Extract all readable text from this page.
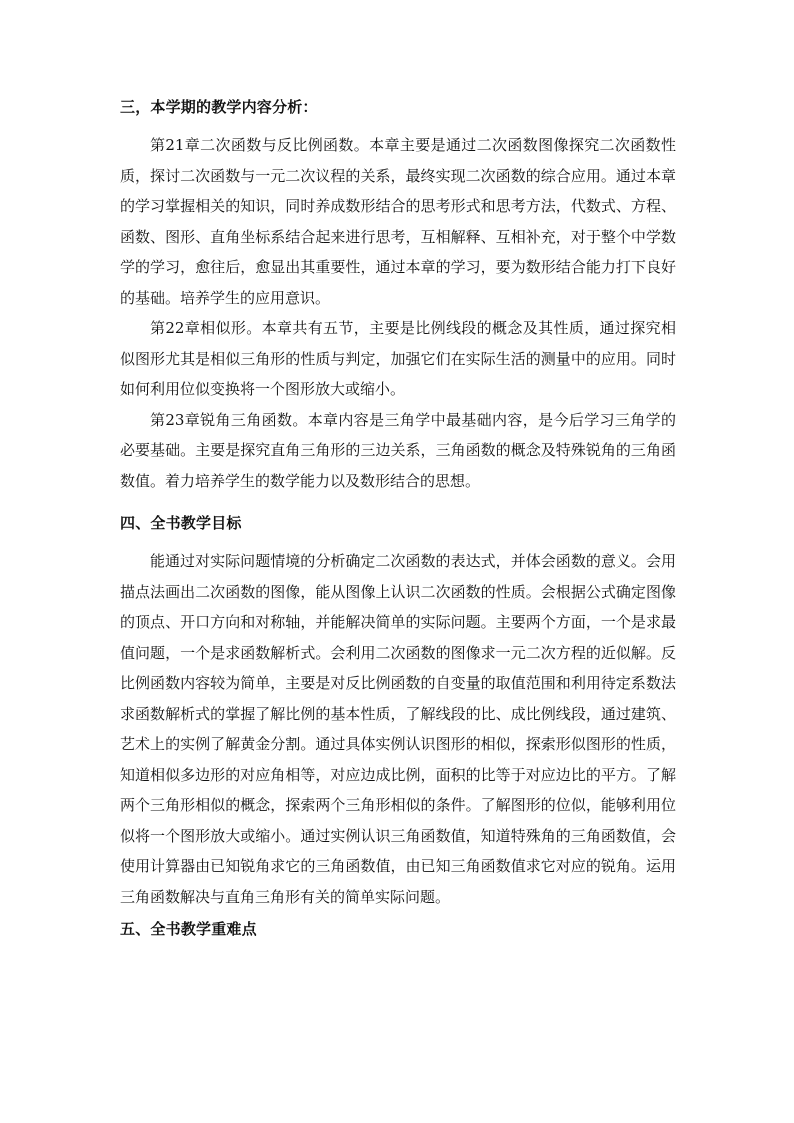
三，本学期的教学内容分析：

第21章二次函数与反比例函数。本章主要是通过二次函数图像探究二次函数性质，探讨二次函数与一元二次议程的关系，最终实现二次函数的综合应用。通过本章的学习掌握相关的知识，同时养成数形结合的思考形式和思考方法，代数式、方程、函数、图形、直角坐标系结合起来进行思考，互相解释、互相补充，对于整个中学数学的学习，愈往后，愈显出其重要性，通过本章的学习，要为数形结合能力打下良好的基础。培养学生的应用意识。

第22章相似形。本章共有五节，主要是比例线段的概念及其性质，通过探究相似图形尤其是相似三角形的性质与判定，加强它们在实际生活的测量中的应用。同时如何利用位似变换将一个图形放大或缩小。

第23章锐角三角函数。本章内容是三角学中最基础内容，是今后学习三角学的必要基础。主要是探究直角三角形的三边关系，三角函数的概念及特殊锐角的三角函数值。着力培养学生的数学能力以及数形结合的思想。

四、全书教学目标

能通过对实际问题情境的分析确定二次函数的表达式，并体会函数的意义。会用描点法画出二次函数的图像，能从图像上认识二次函数的性质。会根据公式确定图像的顶点、开口方向和对称轴，并能解决简单的实际问题。主要两个方面，一个是求最值问题，一个是求函数解析式。会利用二次函数的图像求一元二次方程的近似解。反比例函数内容较为简单，主要是对反比例函数的自变量的取值范围和利用待定系数法求函数解析式的掌握了解比例的基本性质，了解线段的比、成比例线段，通过建筑、艺术上的实例了解黄金分割。通过具体实例认识图形的相似，探索形似图形的性质，知道相似多边形的对应角相等，对应边成比例，面积的比等于对应边比的平方。了解两个三角形相似的概念，探索两个三角形相似的条件。了解图形的位似，能够利用位似将一个图形放大或缩小。通过实例认识三角函数值，知道特殊角的三角函数值，会使用计算器由已知锐角求它的三角函数值，由已知三角函数值求它对应的锐角。运用三角函数解决与直角三角形有关的简单实际问题。

五、全书教学重难点
